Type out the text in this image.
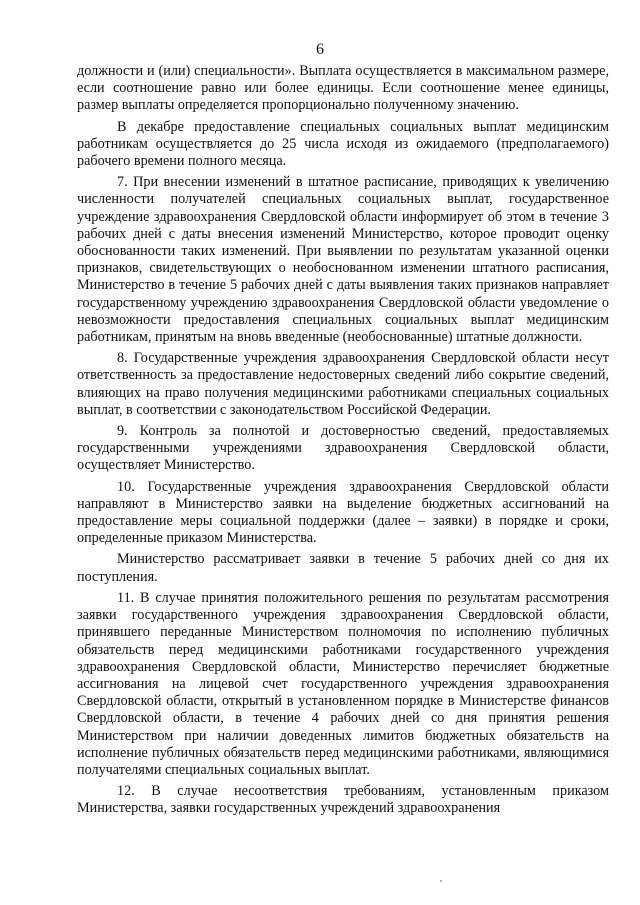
6

должности и (или) специальности». Выплата осуществляется в максимальном размере, если соотношение равно или более единицы. Если соотношение менее единицы, размер выплаты определяется пропорционально полученному значению.

В декабре предоставление специальных социальных выплат медицинским работникам осуществляется до 25 числа исходя из ожидаемого (предполагаемого) рабочего времени полного месяца.

7. При внесении изменений в штатное расписание, приводящих к увеличению численности получателей специальных социальных выплат, государственное учреждение здравоохранения Свердловской области информирует об этом в течение 3 рабочих дней с даты внесения изменений Министерство, которое проводит оценку обоснованности таких изменений. При выявлении по результатам указанной оценки признаков, свидетельствующих о необоснованном изменении штатного расписания, Министерство в течение 5 рабочих дней с даты выявления таких признаков направляет государственному учреждению здравоохранения Свердловской области уведомление о невозможности предоставления специальных социальных выплат медицинским работникам, принятым на вновь введенные (необоснованные) штатные должности.

8. Государственные учреждения здравоохранения Свердловской области несут ответственность за предоставление недостоверных сведений либо сокрытие сведений, влияющих на право получения медицинскими работниками специальных социальных выплат, в соответствии с законодательством Российской Федерации.

9. Контроль за полнотой и достоверностью сведений, предоставляемых государственными учреждениями здравоохранения Свердловской области, осуществляет Министерство.

10. Государственные учреждения здравоохранения Свердловской области направляют в Министерство заявки на выделение бюджетных ассигнований на предоставление меры социальной поддержки (далее – заявки) в порядке и сроки, определенные приказом Министерства.

Министерство рассматривает заявки в течение 5 рабочих дней со дня их поступления.

11. В случае принятия положительного решения по результатам рассмотрения заявки государственного учреждения здравоохранения Свердловской области, принявшего переданные Министерством полномочия по исполнению публичных обязательств перед медицинскими работниками государственного учреждения здравоохранения Свердловской области, Министерство перечисляет бюджетные ассигнования на лицевой счет государственного учреждения здравоохранения Свердловской области, открытый в установленном порядке в Министерстве финансов Свердловской области, в течение 4 рабочих дней со дня принятия решения Министерством при наличии доведенных лимитов бюджетных обязательств на исполнение публичных обязательств перед медицинскими работниками, являющимися получателями специальных социальных выплат.

12. В случае несоответствия требованиям, установленным приказом Министерства, заявки государственных учреждений здравоохранения
